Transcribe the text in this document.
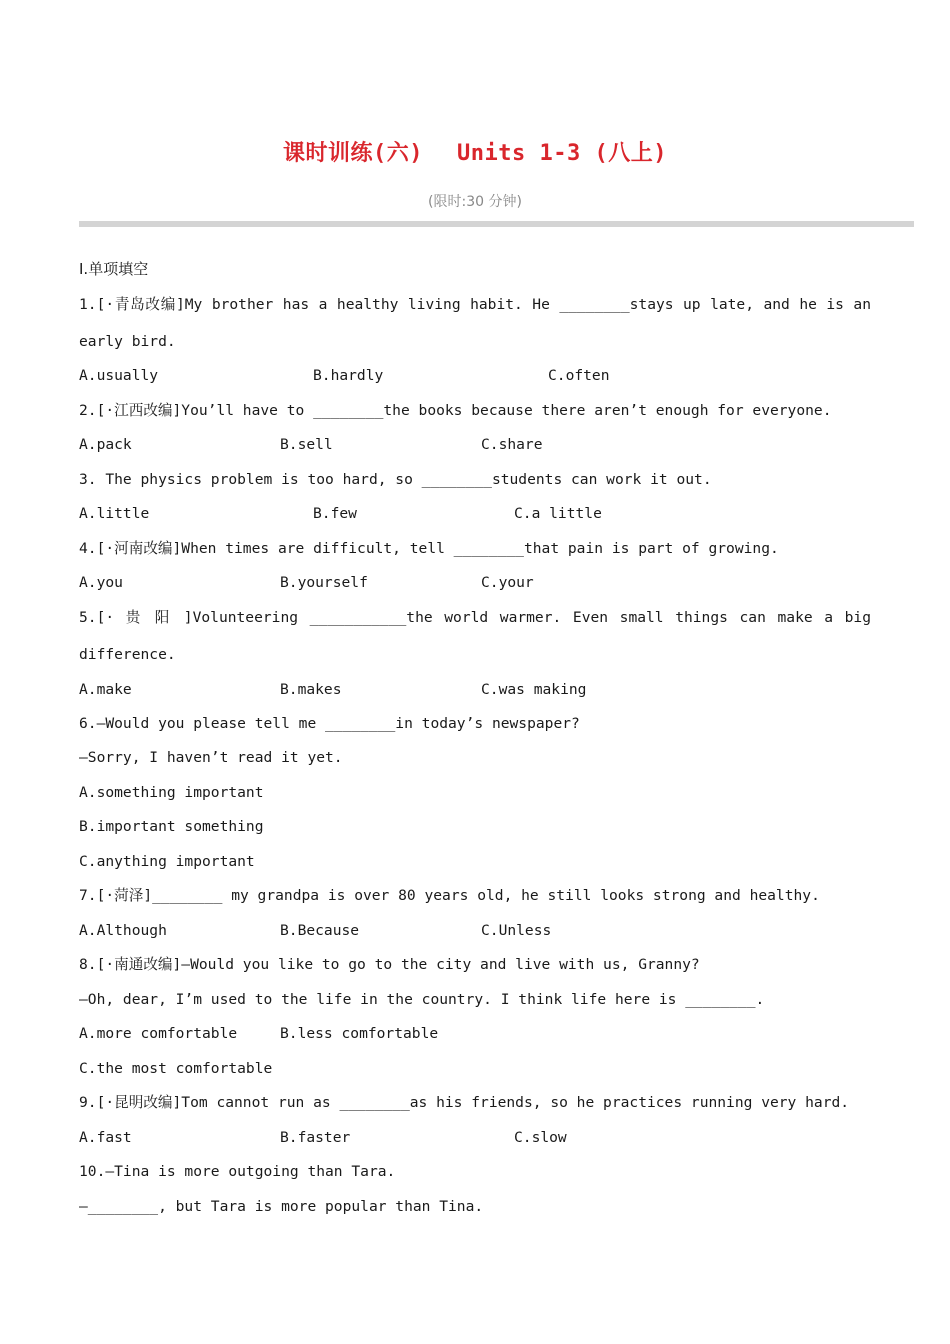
课时训练(六) Units 1-3 (八上)
(限时:30 分钟)
Ⅰ.单项填空
1.[·青岛改编]My brother has a healthy living habit. He ________stays up late, and he is an
early bird.
A.usually	B.hardly	C.often
2.[·江西改编]You’ll have to ________the books because there aren’t enough for everyone.
A.pack	B.sell	C.share
3. The physics problem is too hard, so ________students can work it out.
A.little	B.few	C.a little
4.[·河南改编]When times are difficult, tell ________that pain is part of growing.
A.you	B.yourself	C.your
5.[· 贵 阳 ]Volunteering ___________the world warmer. Even small things can make a big
difference.
A.make	B.makes	C.was making
6.—Would you please tell me ________in today’s newspaper?
—Sorry, I haven’t read it yet.
A.something important
B.important something
C.anything important
7.[·菏泽]________ my grandpa is over 80 years old, he still looks strong and healthy.
A.Although	B.Because	C.Unless
8.[·南通改编]—Would you like to go to the city and live with us, Granny?
—Oh, dear, I’m used to the life in the country. I think life here is ________.
A.more comfortable	B.less comfortable
C.the most comfortable
9.[·昆明改编]Tom cannot run as ________as his friends, so he practices running very hard.
A.fast	B.faster	C.slow
10.—Tina is more outgoing than Tara.
—________, but Tara is more popular than Tina.
